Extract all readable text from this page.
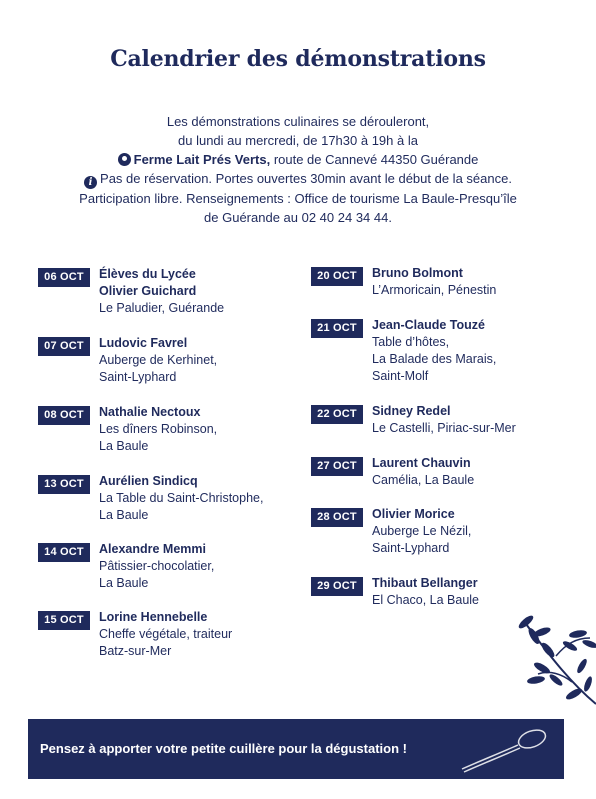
Calendrier des démonstrations
Les démonstrations culinaires se dérouleront,
du lundi au mercredi, de 17h30 à 19h à la
Ferme Lait Prés Verts, route de Cannevé 44350 Guérande
i Pas de réservation. Portes ouvertes 30min avant le début de la séance.
Participation libre. Renseignements : Office de tourisme La Baule-Presqu’île
de Guérande au 02 40 24 34 44.
06 OCT	Élèves du Lycée
Olivier Guichard
Le Paludier, Guérande
07 OCT	Ludovic Favrel
Auberge de Kerhinet,
Saint-Lyphard
08 OCT	Nathalie Nectoux
Les dîners Robinson,
La Baule
13 OCT	Aurélien Sindicq
La Table du Saint-Christophe,
La Baule
14 OCT	Alexandre Memmi
Pâtissier-chocolatier,
La Baule
15 OCT	Lorine Hennebelle
Cheffe végétale, traiteur
Batz-sur-Mer
20 OCT	Bruno Bolmont
L’Armoricain, Pénestin
21 OCT	Jean-Claude Touzé
Table d’hôtes,
La Balade des Marais,
Saint-Molf
22 OCT	Sidney Redel
Le Castelli, Piriac-sur-Mer
27 OCT	Laurent Chauvin
Camélia, La Baule
28 OCT	Olivier Morice
Auberge Le Nézil,
Saint-Lyphard
29 OCT	Thibaut Bellanger
El Chaco, La Baule
Pensez à apporter votre petite cuillère pour la dégustation !
